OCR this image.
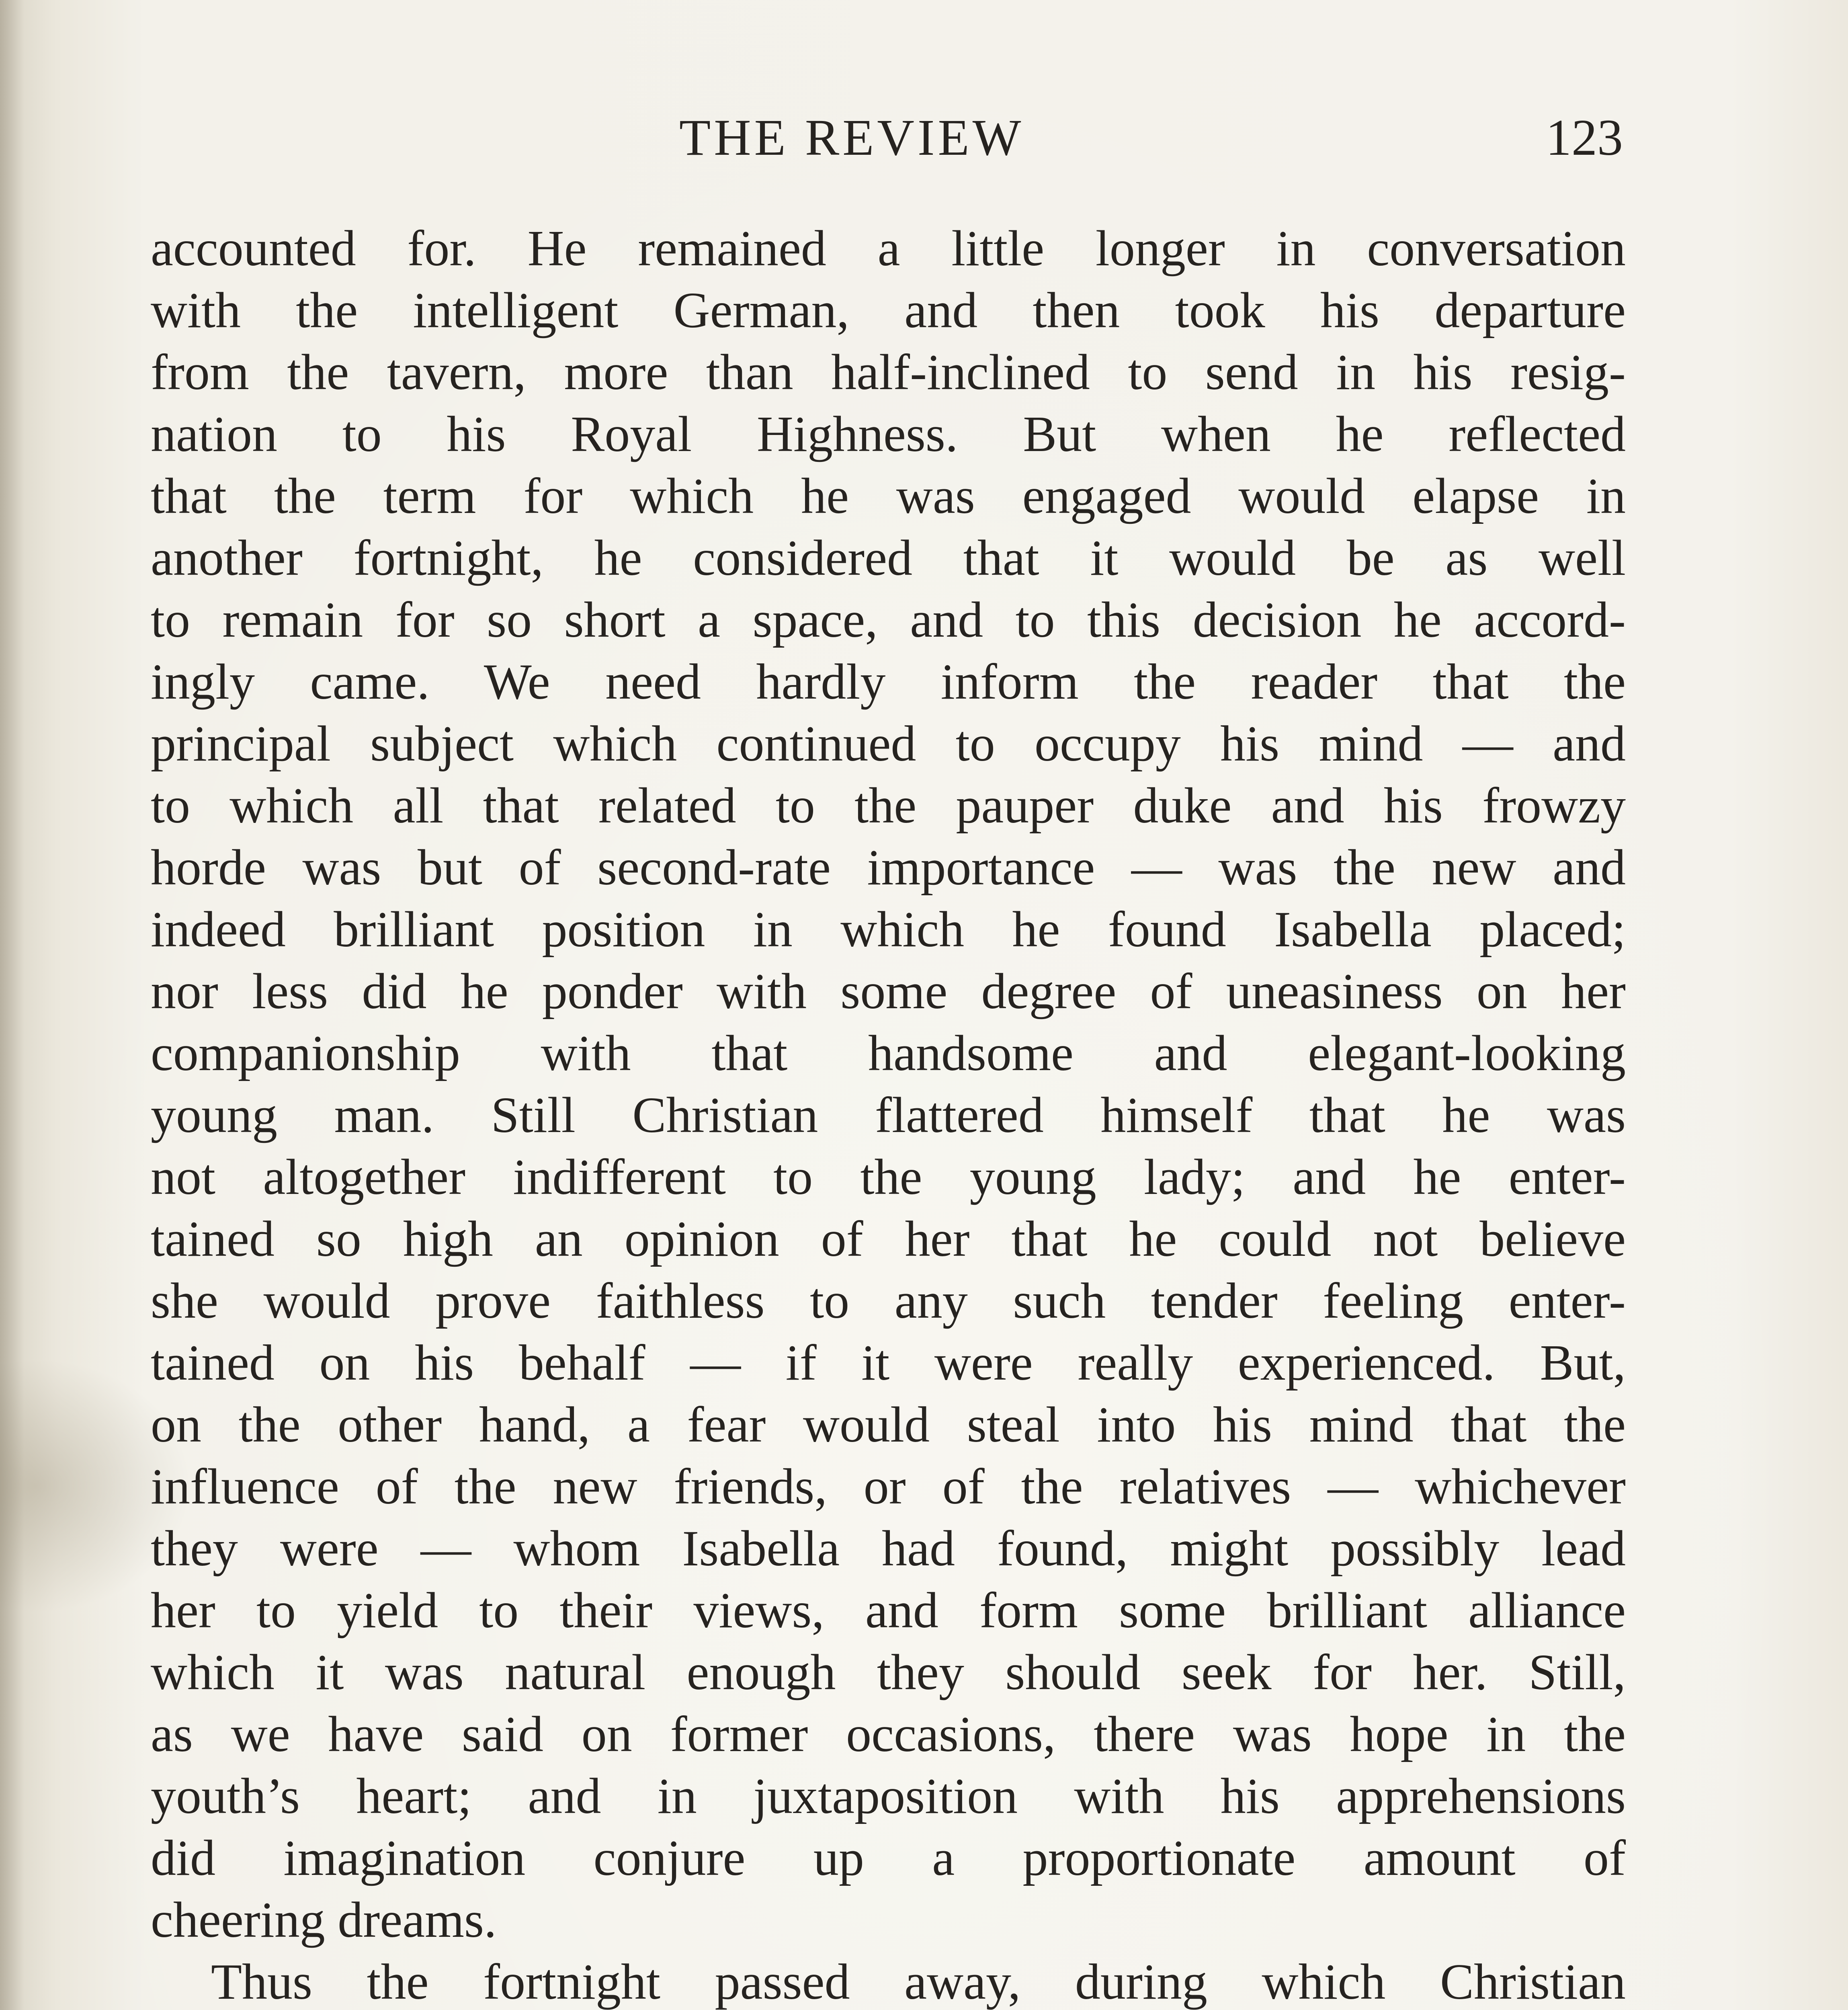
THE REVIEW	123
accounted for. He remained a little longer in conversation
with the intelligent German, and then took his departure
from the tavern, more than half-inclined to send in his resig-
nation to his Royal Highness. But when he reflected
that the term for which he was engaged would elapse in
another fortnight, he considered that it would be as well
to remain for so short a space, and to this decision he accord-
ingly came. We need hardly inform the reader that the
principal subject which continued to occupy his mind — and
to which all that related to the pauper duke and his frowzy
horde was but of second-rate importance — was the new and
indeed brilliant position in which he found Isabella placed;
nor less did he ponder with some degree of uneasiness on her
companionship with that handsome and elegant-looking
young man. Still Christian flattered himself that he was
not altogether indifferent to the young lady; and he enter-
tained so high an opinion of her that he could not believe
she would prove faithless to any such tender feeling enter-
tained on his behalf — if it were really experienced. But,
on the other hand, a fear would steal into his mind that the
influence of the new friends, or of the relatives — whichever
they were — whom Isabella had found, might possibly lead
her to yield to their views, and form some brilliant alliance
which it was natural enough they should seek for her. Still,
as we have said on former occasions, there was hope in the
youth’s heart; and in juxtaposition with his apprehensions
did imagination conjure up a proportionate amount of
cheering dreams.
Thus the fortnight passed away, during which Christian
